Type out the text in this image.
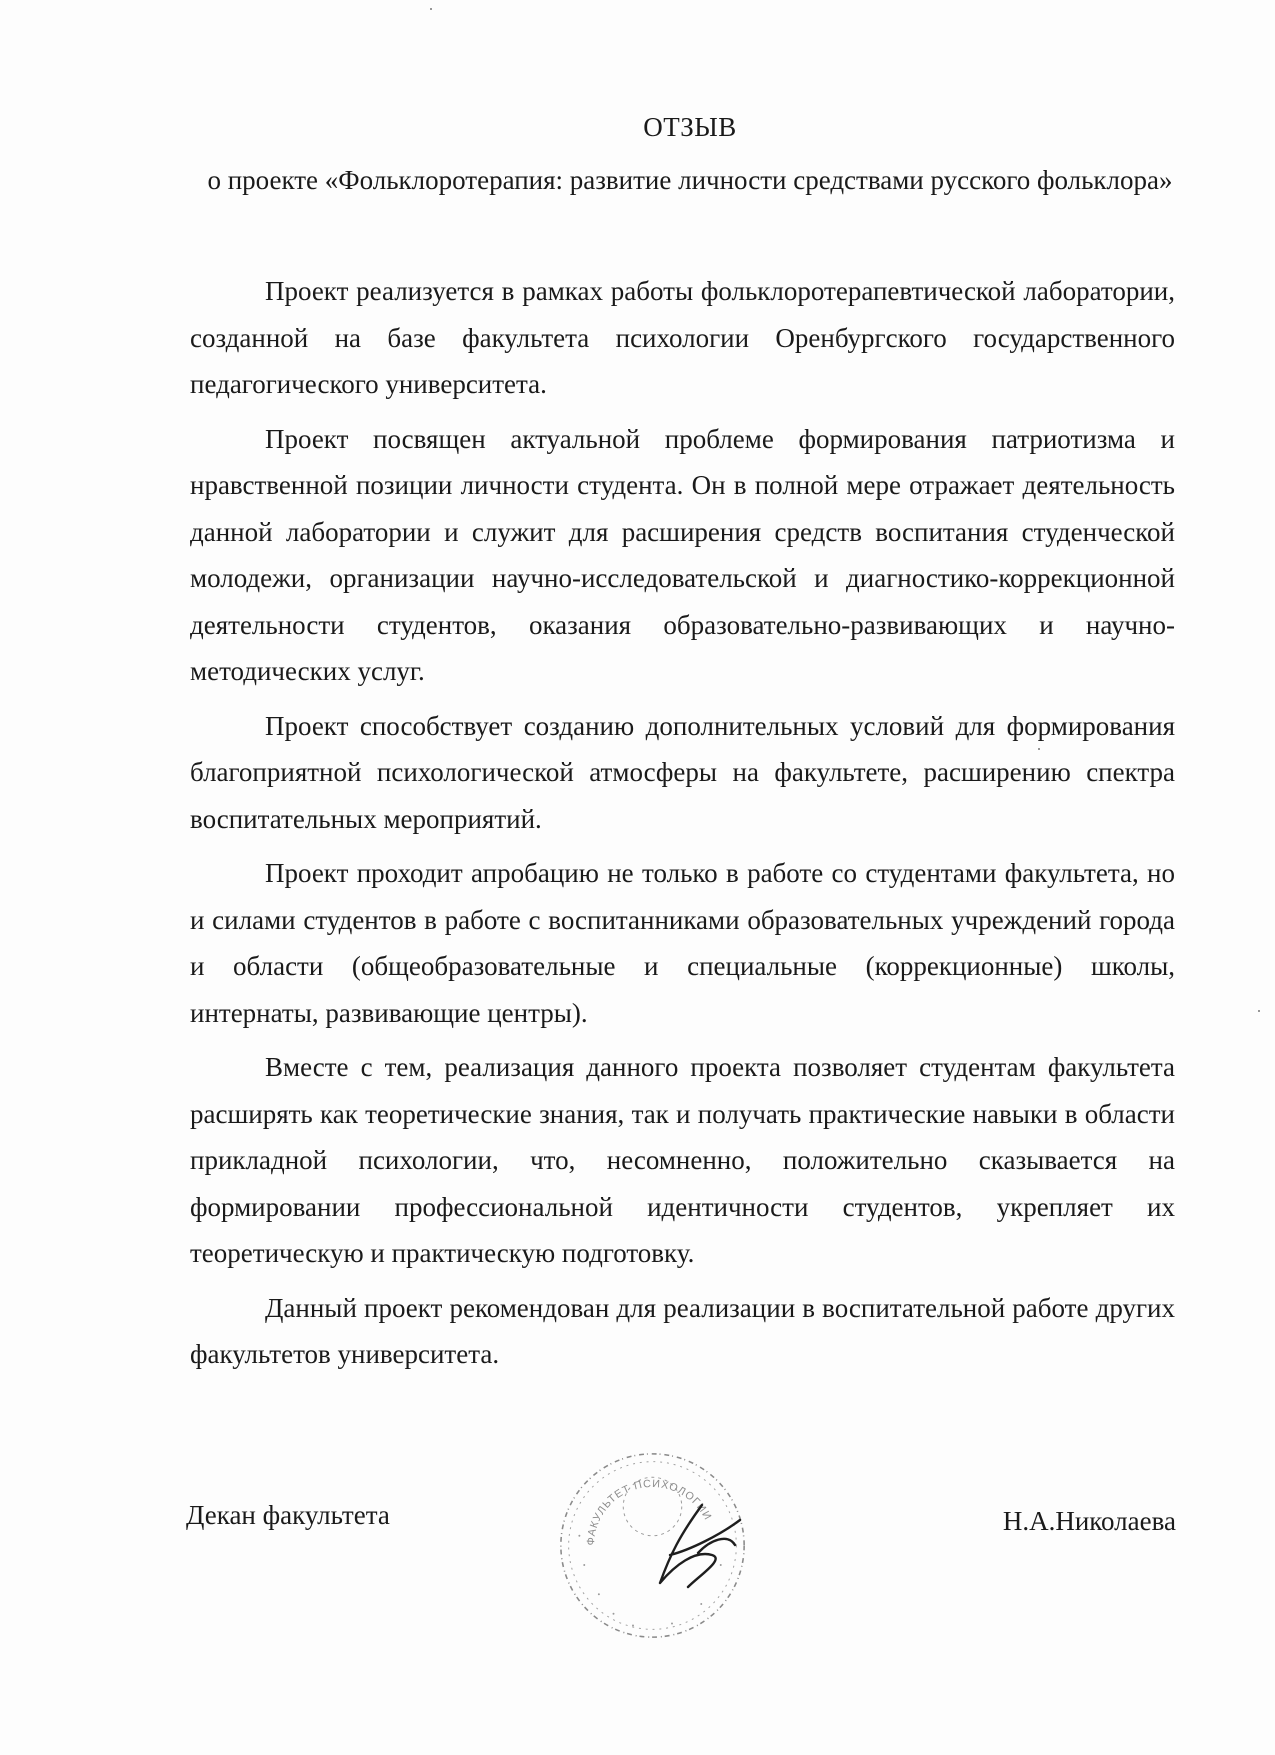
ОТЗЫВ
о проекте «Фольклоротерапия: развитие личности средствами русского фольклора»

Проект реализуется в рамках работы фольклоротерапевтической лаборатории, созданной на базе факультета психологии Оренбургского государственного педагогического университета.

Проект посвящен актуальной проблеме формирования патриотизма и нравственной позиции личности студента. Он в полной мере отражает деятельность данной лаборатории и служит для расширения средств воспитания студенческой молодежи, организации научно-исследовательской и диагностико-коррекционной деятельности студентов, оказания образовательно-развивающих и научно-методических услуг.

Проект способствует созданию дополнительных условий для формирования благоприятной психологической атмосферы на факультете, расширению спектра воспитательных мероприятий.

Проект проходит апробацию не только в работе со студентами факультета, но и силами студентов в работе с воспитанниками образовательных учреждений города и области (общеобразовательные и специальные (коррекционные) школы, интернаты, развивающие центры).

Вместе с тем, реализация данного проекта позволяет студентам факультета расширять как теоретические знания, так и получать практические навыки в области прикладной психологии, что, несомненно, положительно сказывается на формировании профессиональной идентичности студентов, укрепляет их теоретическую и практическую подготовку.

Данный проект рекомендован для реализации в воспитательной работе других факультетов университета.

Декан факультета	Н.А.Николаева
ФАКУЛЬТЕТ ПСИХОЛОГИИ
